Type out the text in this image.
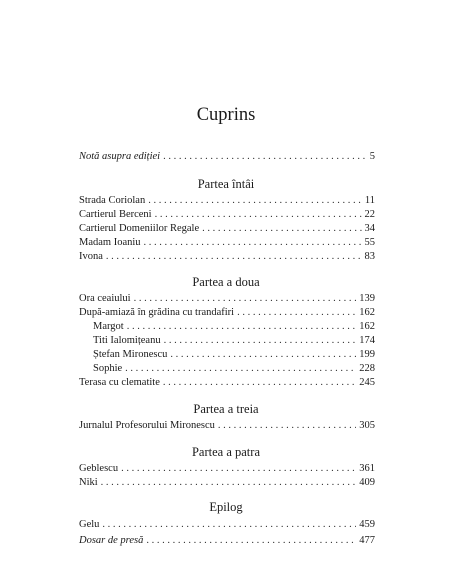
Cuprins
Notă asupra ediției . . .	5
Partea întâi
Strada Coriolan . . .	11
Cartierul Berceni . . .	22
Cartierul Domeniilor Regale . . .	34
Madam Ioaniu . . .	55
Ivona . . .	83
Partea a doua
Ora ceaiului . . .	139
După-amiază în grădina cu trandafiri . . .	162
Margot . . .	162
Titi Ialomițeanu . . .	174
Ștefan Mironescu . . .	199
Sophie . . .	228
Terasa cu clematite . . .	245
Partea a treia
Jurnalul Profesorului Mironescu . . .	305
Partea a patra
Geblescu . . .	361
Niki . . .	409
Epilog
Gelu . . .	459
Dosar de presă . . .	477
